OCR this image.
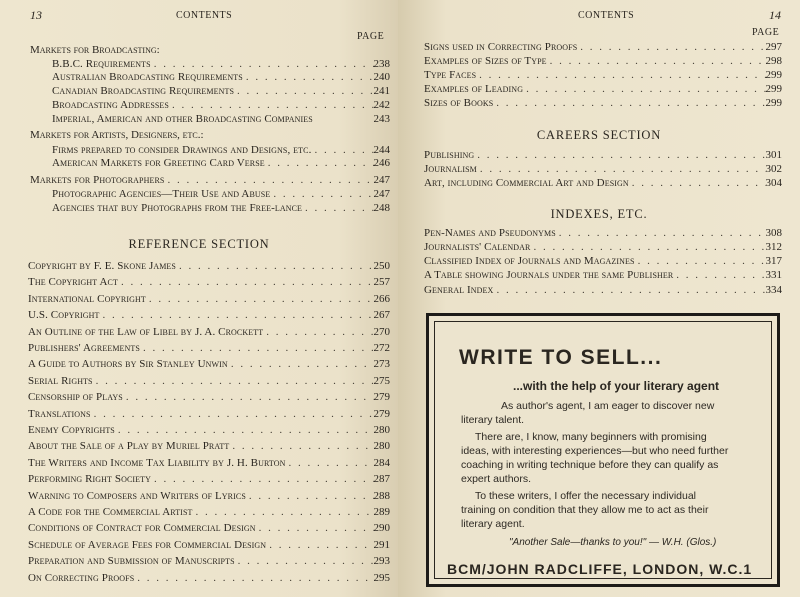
13	CONTENTS
PAGE
Markets for Broadcasting:
B.B.C. Requirements . . .	238
Australian Broadcasting Requirements . . .	240
Canadian Broadcasting Requirements . . .	241
Broadcasting Addresses . . .	242
Imperial, American and other Broadcasting Companies	243
Markets for Artists, Designers, etc.:
Firms prepared to consider Drawings and Designs, etc. . . .	244
American Markets for Greeting Card Verse . . .	246
Markets for Photographers . . .	247
Photographic Agencies—Their Use and Abuse . . .	247
Agencies that buy Photographs from the Free-lance . . .	248
REFERENCE SECTION
Copyright by F. E. Skone James . . .	250
The Copyright Act . . .	257
International Copyright . . .	266
U.S. Copyright . . .	267
An Outline of the Law of Libel by J. A. Crockett . . .	270
Publishers' Agreements . . .	272
A Guide to Authors by Sir Stanley Unwin . . .	273
Serial Rights . . .	275
Censorship of Plays . . .	279
Translations . . .	279
Enemy Copyrights . . .	280
About the Sale of a Play by Muriel Pratt . . .	280
The Writers and Income Tax Liability by J. H. Burton . . .	284
Performing Right Society . . .	287
Warning to Composers and Writers of Lyrics . . .	288
A Code for the Commercial Artist . . .	289
Conditions of Contract for Commercial Design . . .	290
Schedule of Average Fees for Commercial Design . . .	291
Preparation and Submission of Manuscripts . . .	293
On Correcting Proofs . . .	295
CONTENTS	14
PAGE
Signs used in Correcting Proofs . . .	297
Examples of Sizes of Type . . .	298
Type Faces . . .	299
Examples of Leading . . .	299
Sizes of Books . . .	299
CAREERS SECTION
Publishing . . .	301
Journalism . . .	302
Art, including Commercial Art and Design . . .	304
INDEXES, ETC.
Pen-Names and Pseudonyms . . .	308
Journalists' Calendar . . .	312
Classified Index of Journals and Magazines . . .	317
A Table showing Journals under the same Publisher . . .	331
General Index . . .	334
WRITE TO SELL...
...with the help of your literary agent
As author's agent, I am eager to discover new
literary talent.
There are, I know, many beginners with promising
ideas, with interesting experiences—but who need further
coaching in writing technique before they can qualify as
expert authors.
To these writers, I offer the necessary individual
training on condition that they allow me to act as their
literary agent.
"Another Sale—thanks to you!" — W.H. (Glos.)
BCM/JOHN RADCLIFFE, LONDON, W.C.1
